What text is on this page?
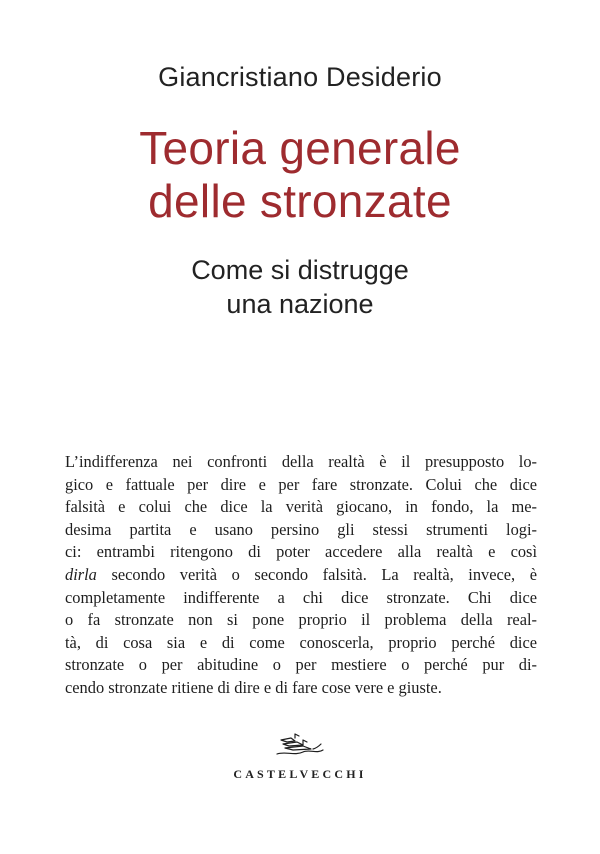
Giancristiano Desiderio
Teoria generale
delle stronzate
Come si distrugge
una nazione
L’indifferenza nei confronti della realtà è il presupposto lo-
gico e fattuale per dire e per fare stronzate. Colui che dice
falsità e colui che dice la verità giocano, in fondo, la me-
desima partita e usano persino gli stessi strumenti logi-
ci: entrambi ritengono di poter accedere alla realtà e così
dirla secondo verità o secondo falsità. La realtà, invece, è
completamente indifferente a chi dice stronzate. Chi dice
o fa stronzate non si pone proprio il problema della real-
tà, di cosa sia e di come conoscerla, proprio perché dice
stronzate o per abitudine o per mestiere o perché pur di-
cendo stronzate ritiene di dire e di fare cose vere e giuste.
CASTELVECCHI
